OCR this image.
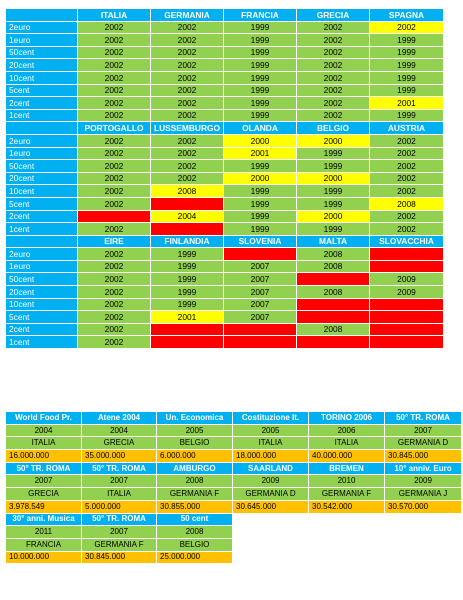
	ITALIA	GERMANIA	FRANCIA	GRECIA	SPAGNA
2euro	2002	2002	1999	2002	2002
1euro	2002	2002	1999	2002	1999
50cent	2002	2002	1999	2002	1999
20cent	2002	2002	1999	2002	1999
10cent	2002	2002	1999	2002	1999
5cent	2002	2002	1999	2002	1999
2cent	2002	2002	1999	2002	2001
1cent	2002	2002	1999	2002	1999
	PORTOGALLO	LUSSEMBURGO	OLANDA	BELGIO	AUSTRIA
2euro	2002	2002	2000	2000	2002
1euro	2002	2002	2001	1999	2002
50cent	2002	2002	1999	1999	2002
20cent	2002	2002	2000	2000	2002
10cent	2002	2008	1999	1999	2002
5cent	2002		1999	1999	2008
2cent		2004	1999	2000	2002
1cent	2002		1999	1999	2002
	EIRE	FINLANDIA	SLOVENIA	MALTA	SLOVACCHIA
2euro	2002	1999		2008	
1euro	2002	1999	2007	2008	
50cent	2002	1999	2007		2009
20cent	2002	1999	2007	2008	2009
10cent	2002	1999	2007		
5cent	2002	2001	2007		
2cent	2002			2008	
1cent	2002				
World Food Pr.	Atene 2004	Un. Economica	Costituzione It.	TORINO 2006	50° TR. ROMA
2004	2004	2005	2005	2006	2007
ITALIA	GRECIA	BELGIO	ITALIA	ITALIA	GERMANIA D
16.000.000	35.000.000	6.000.000	18.000.000	40.000.000	30.845.000
50° TR. ROMA	50° TR. ROMA	AMBURGO	SAARLAND	BREMEN	10° anniv. Euro
2007	2007	2008	2009	2010	2009
GRECIA	ITALIA	GERMANIA F	GERMANIA D	GERMANIA F	GERMANIA J
3.978.549	5.000.000	30.855.000	30.645.000	30.542.000	30.570.000
30° anni. Musica	50° TR. ROMA	50 cent			
2011	2007	2008			
FRANCIA	GERMANIA F	BELGIO			
10.000.000	30.845.000	25.000.000			
